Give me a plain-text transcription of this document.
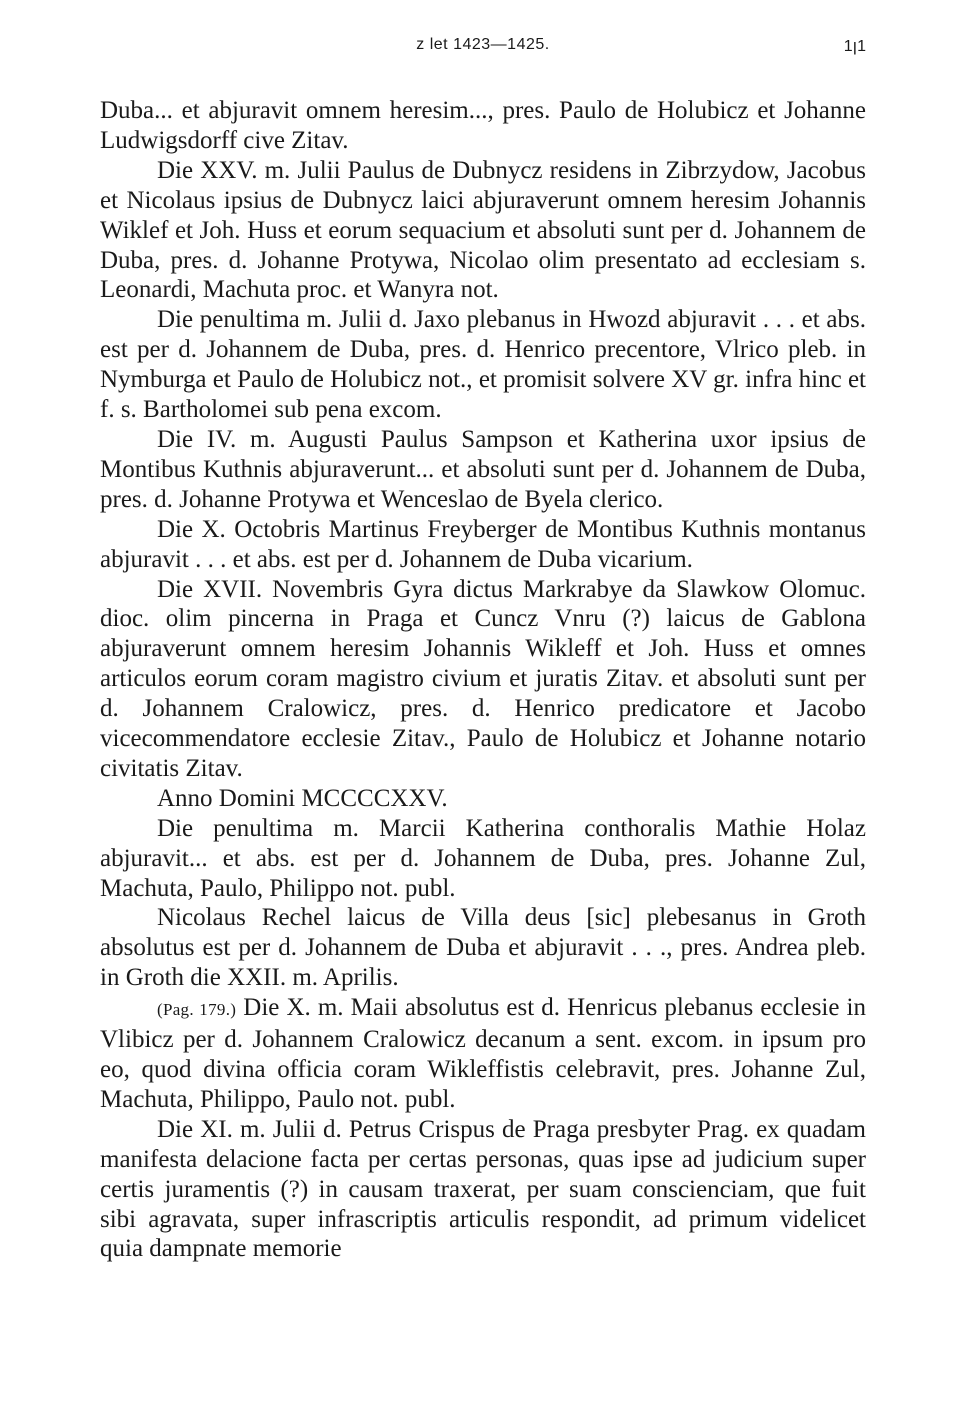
z let 1423—1425.	1ꞁ1

Duba... et abjuravit omnem heresim..., pres. Paulo de Holubicz et Johanne Ludwigsdorff cive Zitav.

Die XXV. m. Julii Paulus de Dubnycz residens in Zibrzydow, Jacobus et Nicolaus ipsius de Dubnycz laici abjuraverunt omnem heresim Johannis Wiklef et Joh. Huss et eorum sequacium et absoluti sunt per d. Johannem de Duba, pres. d. Johanne Protywa, Nicolao olim presentato ad ecclesiam s. Leonardi, Machuta proc. et Wanyra not.

Die penultima m. Julii d. Jaxo plebanus in Hwozd abjuravit . . . et abs. est per d. Johannem de Duba, pres. d. Henrico precentore, Vlrico pleb. in Nymburga et Paulo de Holubicz not., et promisit solvere XV gr. infra hinc et f. s. Bartholomei sub pena excom.

Die IV. m. Augusti Paulus Sampson et Katherina uxor ipsius de Montibus Kuthnis abjuraverunt... et absoluti sunt per d. Johannem de Duba, pres. d. Johanne Protywa et Wenceslao de Byela clerico.

Die X. Octobris Martinus Freyberger de Montibus Kuthnis montanus abjuravit . . . et abs. est per d. Johannem de Duba vicarium.

Die XVII. Novembris Gyra dictus Markrabye da Slawkow Olomuc. dioc. olim pincerna in Praga et Cuncz Vnru (?) laicus de Gablona abjuraverunt omnem heresim Johannis Wikleff et Joh. Huss et omnes articulos eorum coram magistro civium et juratis Zitav. et absoluti sunt per d. Johannem Cralowicz, pres. d. Henrico predicatore et Jacobo vicecommendatore ecclesie Zitav., Paulo de Holubicz et Johanne notario civitatis Zitav.

Anno Domini MCCCCXXV.

Die penultima m. Marcii Katherina conthoralis Mathie Holaz abjuravit... et abs. est per d. Johannem de Duba, pres. Johanne Zul, Machuta, Paulo, Philippo not. publ.

Nicolaus Rechel laicus de Villa deus [sic] plebesanus in Groth absolutus est per d. Johannem de Duba et abjuravit . . ., pres. Andrea pleb. in Groth die XXII. m. Aprilis.

(Pag. 179.) Die X. m. Maii absolutus est d. Henricus plebanus ecclesie in Vlibicz per d. Johannem Cralowicz decanum a sent. excom. in ipsum pro eo, quod divina officia coram Wikleffistis celebravit, pres. Johanne Zul, Machuta, Philippo, Paulo not. publ.

Die XI. m. Julii d. Petrus Crispus de Praga presbyter Prag. ex quadam manifesta delacione facta per certas personas, quas ipse ad judicium super certis juramentis (?) in causam traxerat, per suam conscienciam, que fuit sibi agravata, super infrascriptis articulis respondit, ad primum videlicet quia dampnate memorie
